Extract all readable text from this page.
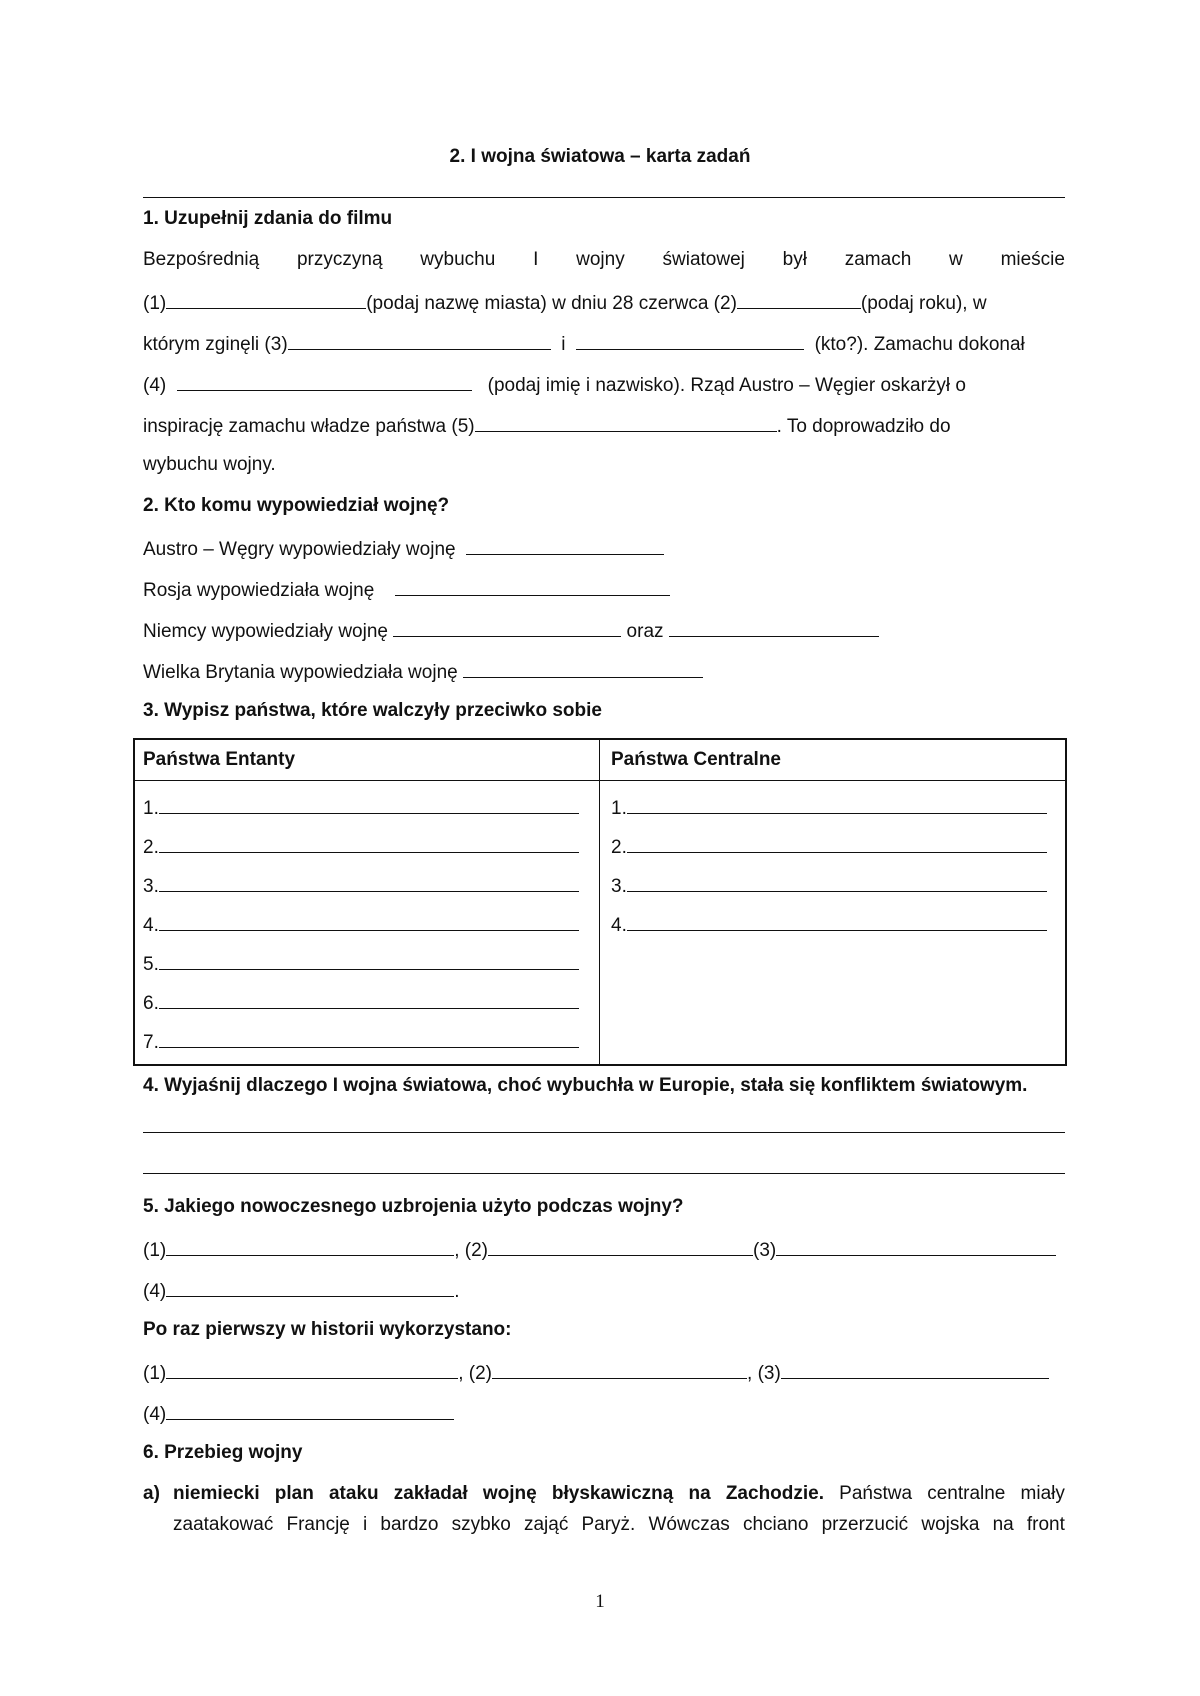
2. I wojna światowa – karta zadań
1. Uzupełnij zdania do filmu
Bezpośrednią przyczyną wybuchu I wojny światowej był zamach w mieście
(1)	(podaj nazwę miasta) w dniu 28 czerwca (2)	(podaj roku), w
którym zginęli (3)	i	(kto?). Zamachu dokonał
(4)	(podaj imię i nazwisko). Rząd Austro – Węgier oskarżył o
inspirację zamachu władze państwa (5)	. To doprowadziło do
wybuchu wojny.
2. Kto komu wypowiedział wojnę?
Austro – Węgry wypowiedziały wojnę
Rosja wypowiedziała wojnę
Niemcy wypowiedziały wojnę	oraz
Wielka Brytania wypowiedziała wojnę
3. Wypisz państwa, które walczyły przeciwko sobie
Państwa Entanty	Państwa Centralne
1.
2.
3.
4.
5.
6.
7.
1.
2.
3.
4.
4. Wyjaśnij dlaczego I wojna światowa, choć wybuchła w Europie, stała się konfliktem światowym.
5. Jakiego nowoczesnego uzbrojenia użyto podczas wojny?
(1)	, (2)	(3)
(4)	.
Po raz pierwszy w historii wykorzystano:
(1)	, (2)	, (3)
(4)
6. Przebieg wojny
a) niemiecki plan ataku zakładał wojnę błyskawiczną na Zachodzie. Państwa centralne miały
zaatakować Francję i bardzo szybko zająć Paryż. Wówczas chciano przerzucić wojska na front
1
